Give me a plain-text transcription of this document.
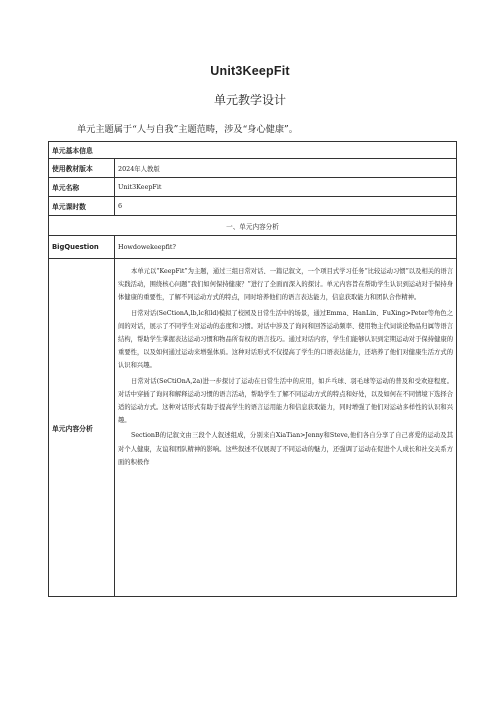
Unit3KeepFit
单元教学设计
单元主题属于“人与自我”主题范畴，涉及“身心健康”。
单元基本信息	
使用教材版本	2024年人教版
单元名称	Unit3KeepFit
单元课时数	6
一、单元内容分析	
BigQuestion	Howdowekeepfit?
单元内容分析	本单元以“KeepFit”为主题，通过三组日常对话、一篇记叙文，一个项目式学习任务“比较运动习惯”以及相关的语言实践活动，围绕核心问题“我们如何保持健康？”进行了全面而深入的探讨。单元内容旨在帮助学生认识到运动对于保持身体健康的重要性，了解不同运动方式的特点，同时培养他们的语言表达能力，信息获取能力和团队合作精神。

日常对话(SeCtionA,lb,lc和ld)模拟了校园及日常生活中的场景，通过Emma、HanLin、FuXing>Peter等角色之间的对话，展示了不同学生对运动的态度和习惯。对话中涉及了询问和回答运动频率、使用物主代词谈论物品归属等语言结构，帮助学生掌握表达运动习惯和物品所有权的语言技巧。通过对话内容，学生们能够认识到定期运动对于保持健康的重要性，以及如何通过运动来增强体质。这种对话形式不仅提高了学生的口语表达能力，还培养了他们对健康生活方式的认识和兴趣。

日常对话(SeCtiOnA,2a)进一步探讨了运动在日常生活中的应用，如乒乓球、羽毛球等运动的普及和受欢迎程度。对话中穿插了询问和解释运动习惯的语言活动，帮助学生了解不同运动方式的特点和好处，以及如何在不同情境下选择合适的运动方式。这种对话形式有助于提高学生的语言运用能力和信息获取能力，同时增强了他们对运动多样性的认识和兴趣。

SectionB的记叙文由三段个人叙述组成，分别来自XiaTian>Jenny和Steve,他们各自分享了自己喜爱的运动及其对个人健康，友谊和团队精神的影响。这些叙述不仅展现了不同运动的魅力，还强调了运动在促进个人成长和社交关系方面的积极作
